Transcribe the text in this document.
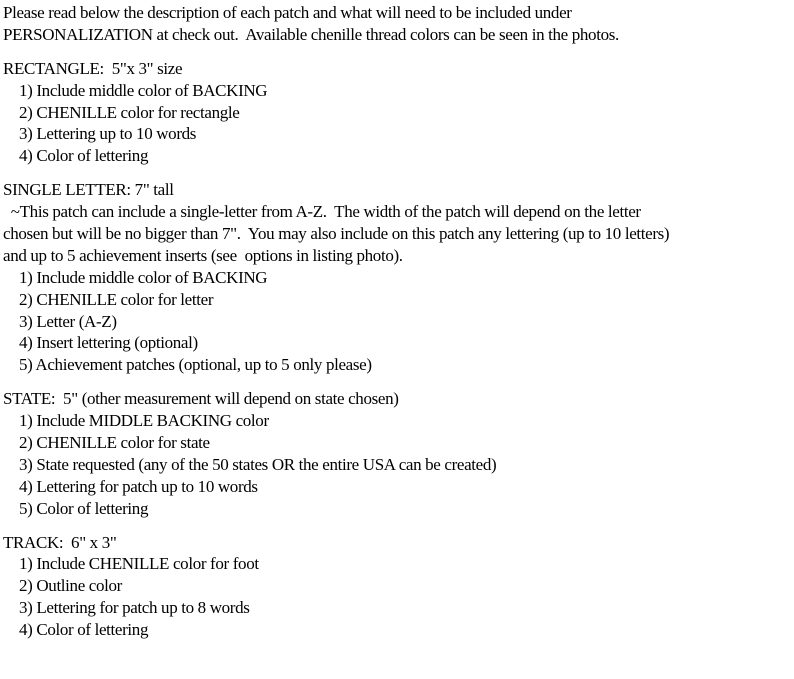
Please read below the description of each patch and what will need to be included under

PERSONALIZATION at check out.  Available chenille thread colors can be seen in the photos.

RECTANGLE:  5"x 3" size

1) Include middle color of BACKING

2) CHENILLE color for rectangle

3) Lettering up to 10 words

4) Color of lettering

SINGLE LETTER: 7" tall

~This patch can include a single-letter from A-Z.  The width of the patch will depend on the letter

chosen but will be no bigger than 7".  You may also include on this patch any lettering (up to 10 letters)

and up to 5 achievement inserts (see  options in listing photo).

1) Include middle color of BACKING

2) CHENILLE color for letter

3) Letter (A-Z)

4) Insert lettering (optional)

5) Achievement patches (optional, up to 5 only please)

STATE:  5" (other measurement will depend on state chosen)

1) Include MIDDLE BACKING color

2) CHENILLE color for state

3) State requested (any of the 50 states OR the entire USA can be created)

4) Lettering for patch up to 10 words

5) Color of lettering

TRACK:  6" x 3"

1) Include CHENILLE color for foot

2) Outline color

3) Lettering for patch up to 8 words

4) Color of lettering
